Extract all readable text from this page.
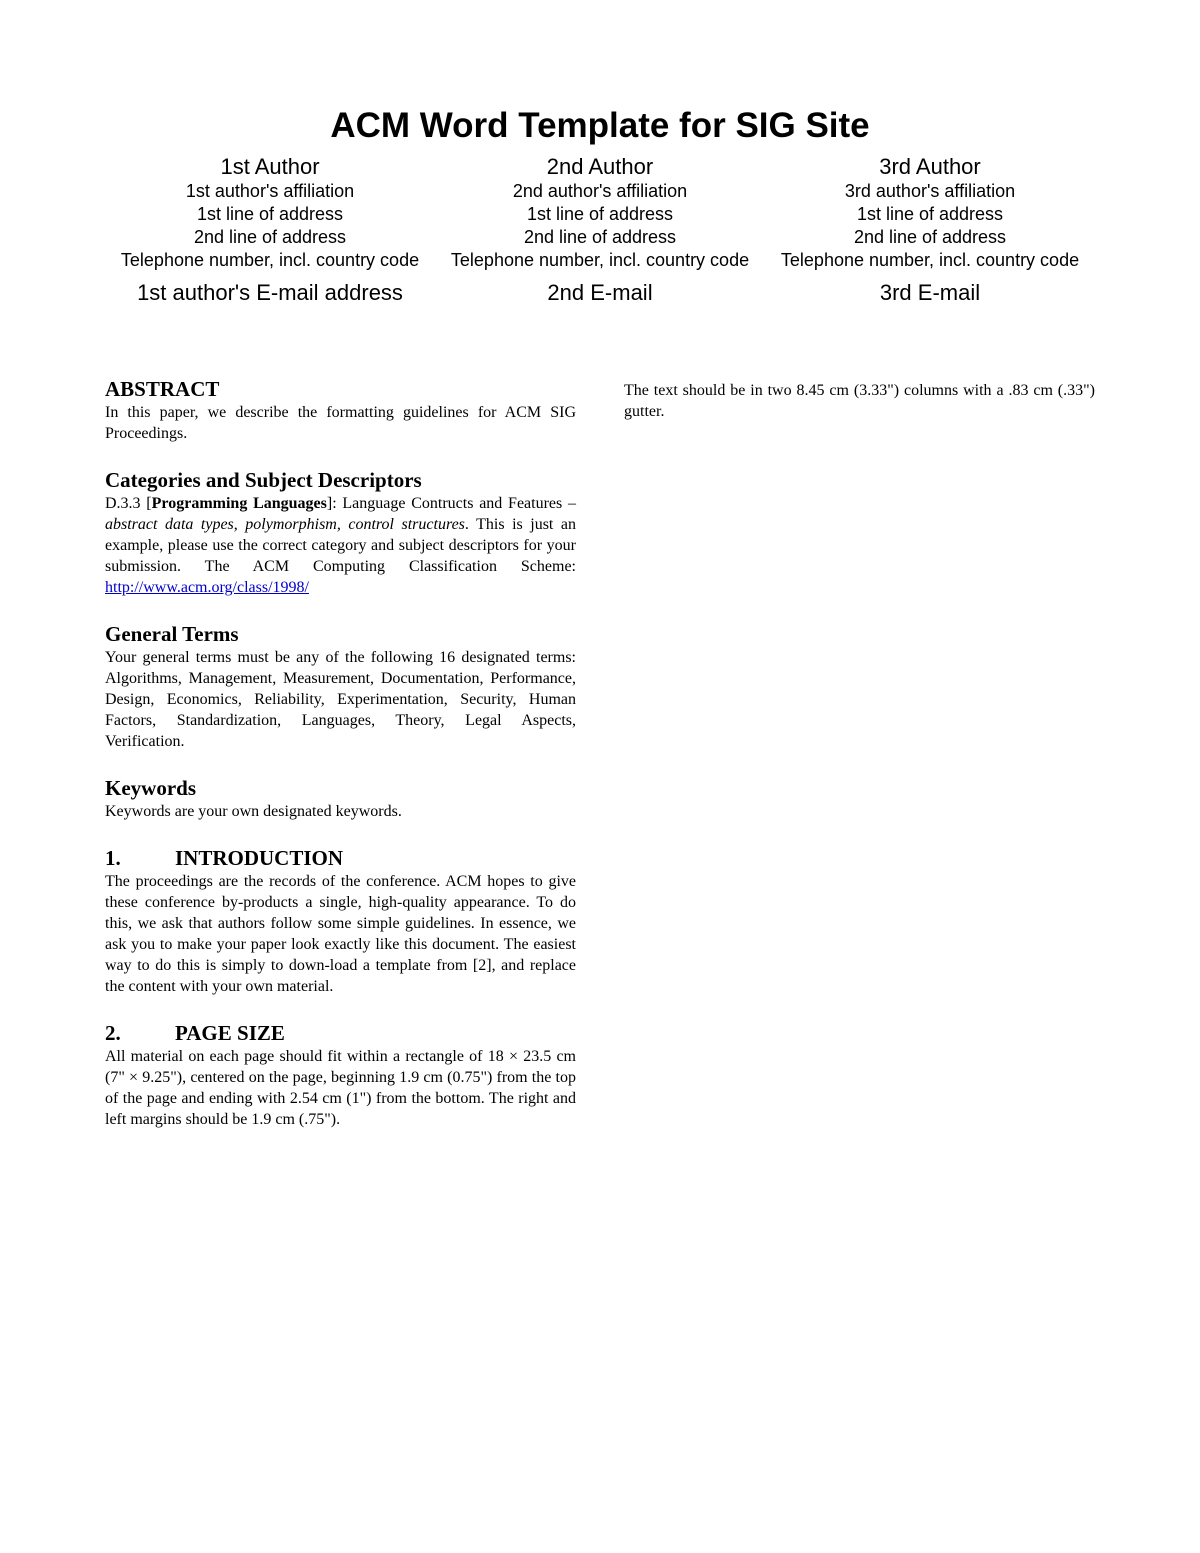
ACM Word Template for SIG Site
1st Author
1st author's affiliation
1st line of address
2nd line of address
Telephone number, incl. country code
1st author's E-mail address
2nd Author
2nd author's affiliation
1st line of address
2nd line of address
Telephone number, incl. country code
2nd E-mail
3rd Author
3rd author's affiliation
1st line of address
2nd line of address
Telephone number, incl. country code
3rd E-mail
ABSTRACT

In this paper, we describe the formatting guidelines for ACM SIG Proceedings.

Categories and Subject Descriptors

D.3.3 [Programming Languages]: Language Contructs and Features – abstract data types, polymorphism, control structures. This is just an example, please use the correct category and subject descriptors for your submission. The ACM Computing Classification Scheme: http://www.acm.org/class/1998/

General Terms

Your general terms must be any of the following 16 designated terms: Algorithms, Management, Measurement, Documentation, Performance, Design, Economics, Reliability, Experimentation, Security, Human Factors, Standardization, Languages, Theory, Legal Aspects, Verification.

Keywords

Keywords are your own designated keywords.

1.	INTRODUCTION

The proceedings are the records of the conference. ACM hopes to give these conference by-products a single, high-quality appearance. To do this, we ask that authors follow some simple guidelines. In essence, we ask you to make your paper look exactly like this document. The easiest way to do this is simply to down-load a template from [2], and replace the content with your own material.

2.	PAGE SIZE

All material on each page should fit within a rectangle of 18 × 23.5 cm (7" × 9.25"), centered on the page, beginning 1.9 cm (0.75") from the top of the page and ending with 2.54 cm (1") from the bottom. The right and left margins should be 1.9 cm (.75").

The text should be in two 8.45 cm (3.33") columns with a .83 cm (.33") gutter.
